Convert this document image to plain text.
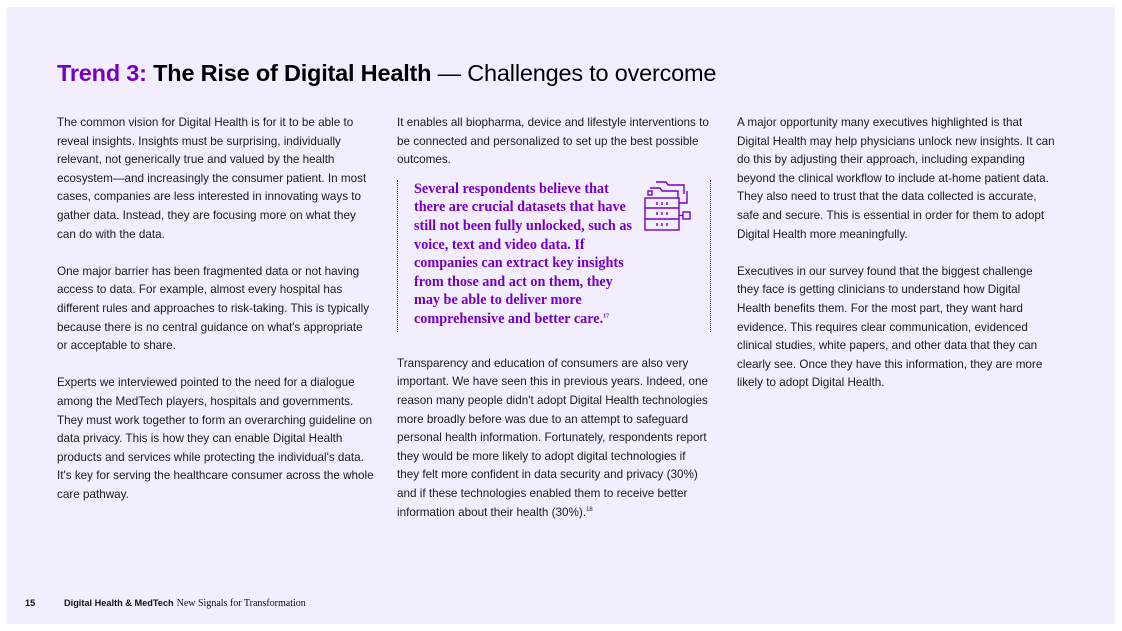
Trend 3: The Rise of Digital Health — Challenges to overcome

The common vision for Digital Health is for it to be able to reveal insights. Insights must be surprising, individually relevant, not generically true and valued by the health ecosystem—and increasingly the consumer patient. In most cases, companies are less interested in innovating ways to gather data. Instead, they are focusing more on what they can do with the data.

One major barrier has been fragmented data or not having access to data. For example, almost every hospital has different rules and approaches to risk-taking. This is typically because there is no central guidance on what's appropriate or acceptable to share.

Experts we interviewed pointed to the need for a dialogue among the MedTech players, hospitals and governments. They must work together to form an overarching guideline on data privacy. This is how they can enable Digital Health products and services while protecting the individual's data. It's key for serving the healthcare consumer across the whole care pathway.

It enables all biopharma, device and lifestyle interventions to be connected and personalized to set up the best possible outcomes.

Several respondents believe that there are crucial datasets that have still not been fully unlocked, such as voice, text and video data. If companies can extract key insights from those and act on them, they may be able to deliver more comprehensive and better care.$^{17}$

Transparency and education of consumers are also very important. We have seen this in previous years. Indeed, one reason many people didn't adopt Digital Health technologies more broadly before was due to an attempt to safeguard personal health information. Fortunately, respondents report they would be more likely to adopt digital technologies if they felt more confident in data security and privacy (30%) and if these technologies enabled them to receive better information about their health (30%).$^{18}$

A major opportunity many executives highlighted is that Digital Health may help physicians unlock new insights. It can do this by adjusting their approach, including expanding beyond the clinical workflow to include at-home patient data. They also need to trust that the data collected is accurate, safe and secure. This is essential in order for them to adopt Digital Health more meaningfully.

Executives in our survey found that the biggest challenge they face is getting clinicians to understand how Digital Health benefits them. For the most part, they want hard evidence. This requires clear communication, evidenced clinical studies, white papers, and other data that they can clearly see. Once they have this information, they are more likely to adopt Digital Health.

15	Digital Health & MedTech New Signals for Transformation
